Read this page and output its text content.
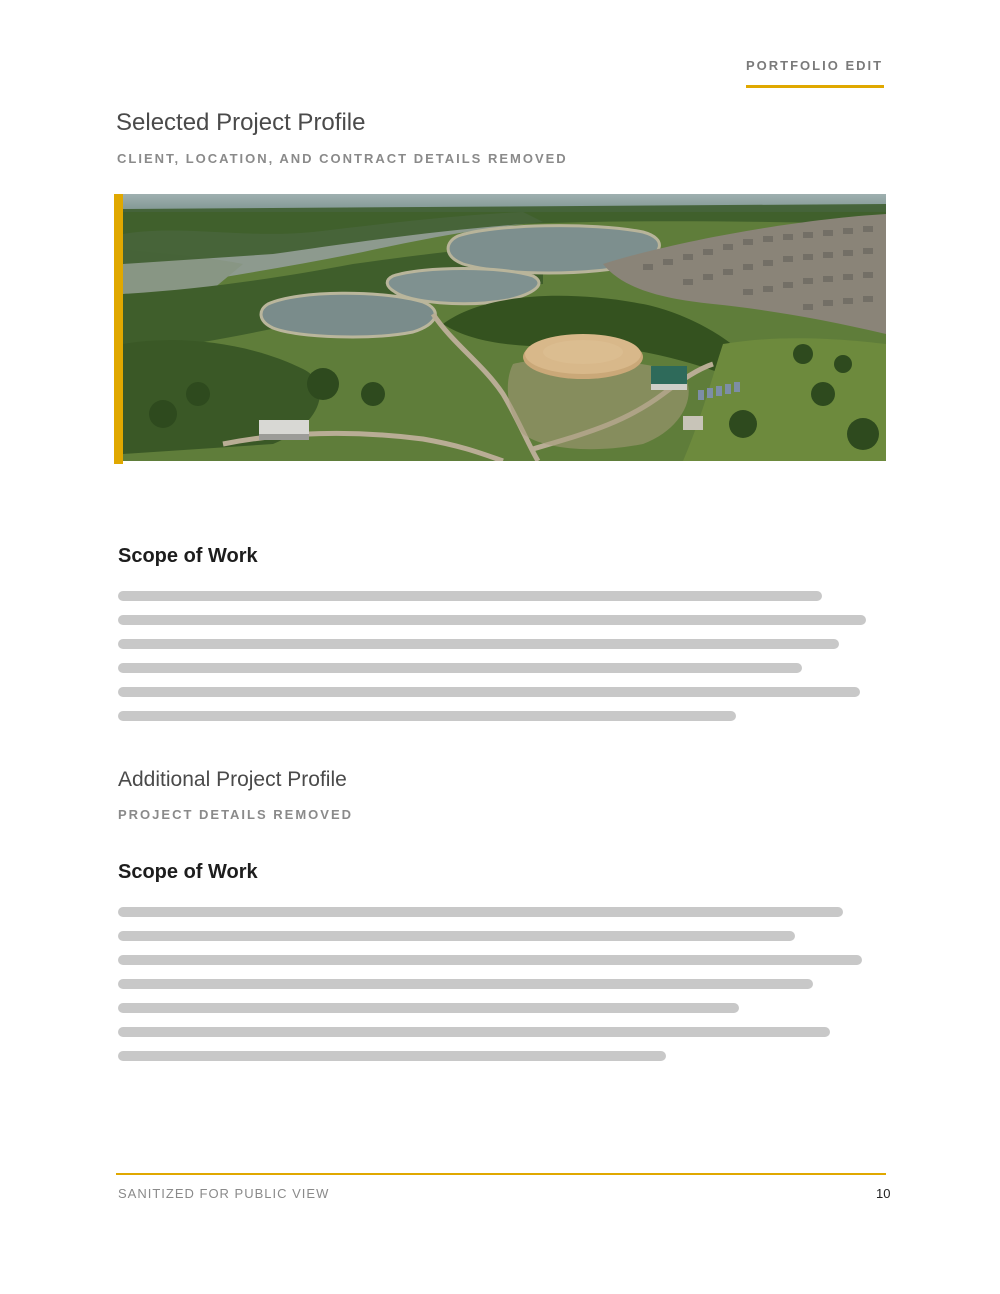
PORTFOLIO EDIT
Selected Project Profile
CLIENT, LOCATION, AND CONTRACT DETAILS REMOVED
Scope of Work
Additional Project Profile
PROJECT DETAILS REMOVED
Scope of Work
SANITIZED FOR PUBLIC VIEW	10
